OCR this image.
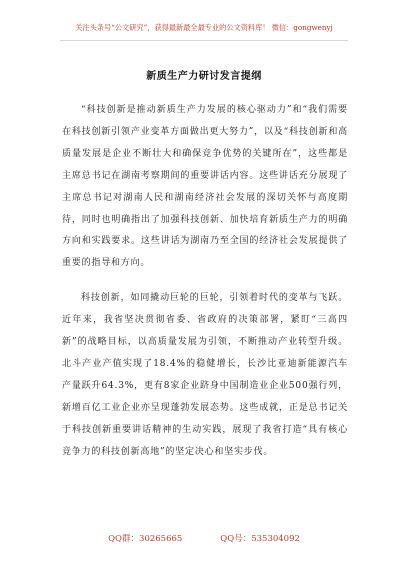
关注头条号“公文研究”，获得最新最全最专业的公文资料库！ 微信：gongwenyj
新质生产力研讨发言提纲

“科技创新是推动新质生产力发展的核心驱动力”和“我们需要在科技创新引领产业变革方面做出更大努力”，以及“科技创新和高质量发展是企业不断壮大和确保竞争优势的关键所在”，这些都是主席总书记在湖南考察期间的重要讲话内容。这些讲话充分展现了主席总书记对湖南人民和湖南经济社会发展的深切关怀与高度期待，同时也明确指出了加强科技创新、加快培育新质生产力的明确方向和实践要求。这些讲话为湖南乃至全国的经济社会发展提供了重要的指导和方向。

科技创新，如同撬动巨轮的巨轮，引领着时代的变革与飞跃。近年来，我省坚决贯彻省委、省政府的决策部署，紧盯“三高四新”的战略目标，以高质量发展为引领，不断推动产业转型升级。北斗产业产值实现了18.4%的稳健增长，长沙比亚迪新能源汽车产量跃升64.3%，更有8家企业跻身中国制造业企业500强行列，新增百亿工业企业亦呈现蓬勃发展态势。这些成就，正是总书记关于科技创新重要讲话精神的生动实践，展现了我省打造“具有核心竞争力的科技创新高地”的坚定决心和坚实步伐。

QQ群：30265665	QQ号：535304092
